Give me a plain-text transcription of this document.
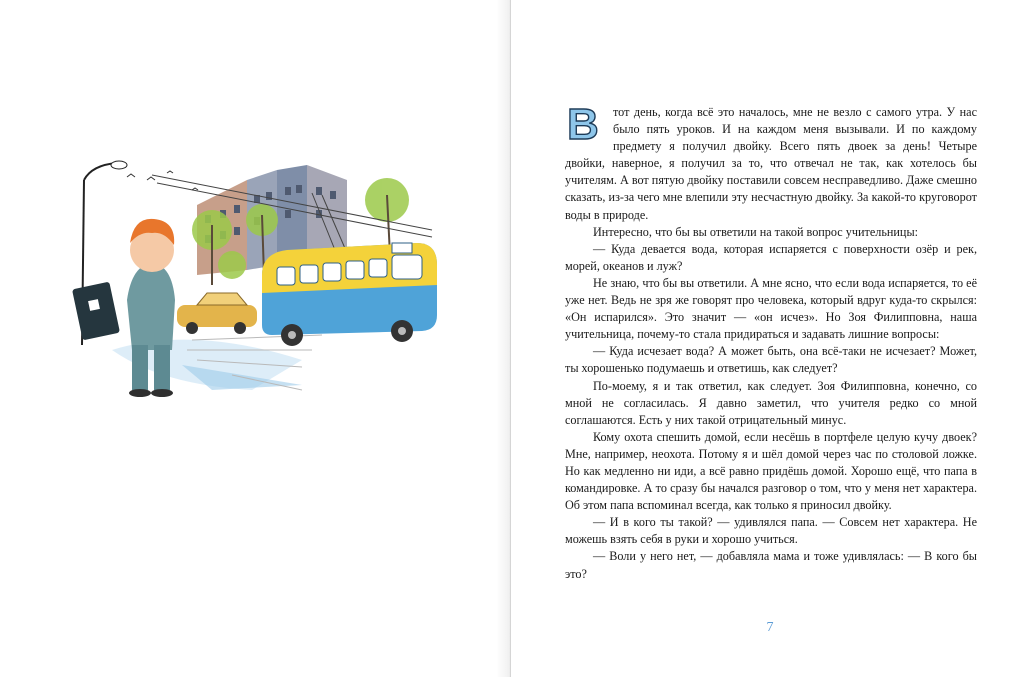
В тот день, когда всё это началось, мне не везло с самого утра. У нас было пять уроков. И на каждом меня вызывали. И по каждому предмету я получил двойку. Всего пять двоек за день! Четыре двойки, наверное, я получил за то, что отвечал не так, как хотелось бы учителям. А вот пятую двойку поставили совсем несправедливо. Даже смешно сказать, из-за чего мне влепили эту несчастную двойку. За какой-то круговорот воды в природе.

Интересно, что бы вы ответили на такой вопрос учительницы:

— Куда девается вода, которая испаряется с поверхности озёр и рек, морей, океанов и луж?

Не знаю, что бы вы ответили. А мне ясно, что если вода испаряется, то её уже нет. Ведь не зря же говорят про человека, который вдруг куда-то скрылся: «Он испарился». Это значит — «он исчез». Но Зоя Филипповна, наша учительница, почему-то стала придираться и задавать лишние вопросы:

— Куда исчезает вода? А может быть, она всё-таки не исчезает? Может, ты хорошенько подумаешь и ответишь, как следует?

По-моему, я и так ответил, как следует. Зоя Филипповна, конечно, со мной не согласилась. Я давно заметил, что учителя редко со мной соглашаются. Есть у них такой отрицательный минус.

Кому охота спешить домой, если несёшь в портфеле целую кучу двоек? Мне, например, неохота. Потому я и шёл домой через час по столовой ложке. Но как медленно ни иди, а всё равно придёшь домой. Хорошо ещё, что папа в командировке. А то сразу бы начался разговор о том, что у меня нет характера. Об этом папа вспоминал всегда, как только я приносил двойку.

— И в кого ты такой? — удивлялся папа. — Совсем нет характера. Не можешь взять себя в руки и хорошо учиться.

— Воли у него нет, — добавляла мама и тоже удивлялась: — В кого бы это?

7
